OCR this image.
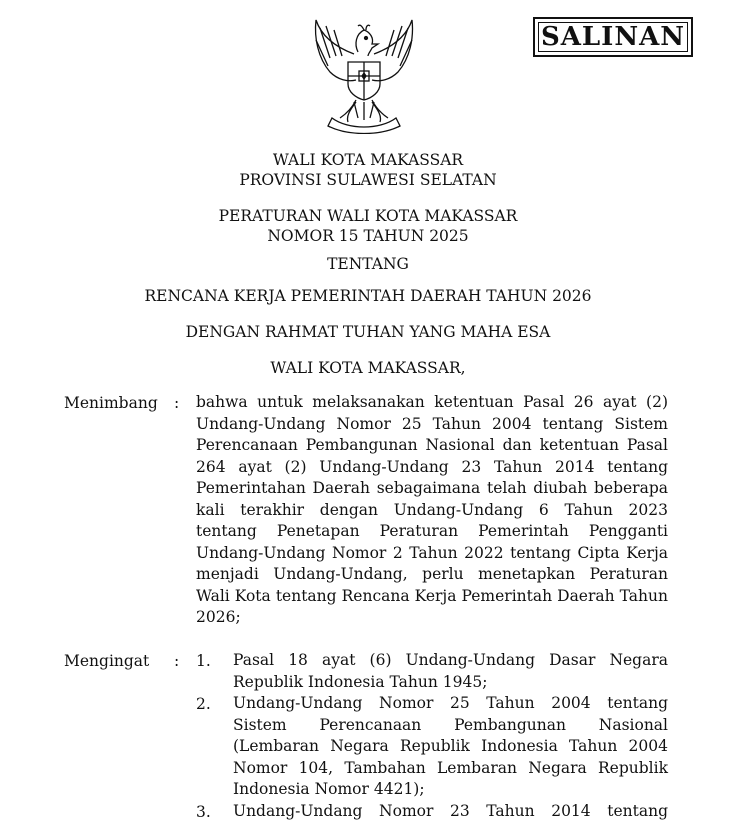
SALINAN
WALI KOTA MAKASSAR
PROVINSI SULAWESI SELATAN
PERATURAN WALI KOTA MAKASSAR
NOMOR 15 TAHUN 2025
TENTANG
RENCANA KERJA PEMERINTAH DAERAH TAHUN 2026
DENGAN RAHMAT TUHAN YANG MAHA ESA
WALI KOTA MAKASSAR,
Menimbang : bahwa untuk melaksanakan ketentuan Pasal 26 ayat (2) Undang-Undang Nomor 25 Tahun 2004 tentang Sistem Perencanaan Pembangunan Nasional dan ketentuan Pasal 264 ayat (2) Undang-Undang 23 Tahun 2014 tentang Pemerintahan Daerah sebagaimana telah diubah beberapa kali terakhir dengan Undang-Undang 6 Tahun 2023 tentang Penetapan Peraturan Pemerintah Pengganti Undang-Undang Nomor 2 Tahun 2022 tentang Cipta Kerja menjadi Undang-Undang, perlu menetapkan Peraturan Wali Kota tentang Rencana Kerja Pemerintah Daerah Tahun 2026;
Mengingat : 1. Pasal 18 ayat (6) Undang-Undang Dasar Negara Republik Indonesia Tahun 1945;
2. Undang-Undang Nomor 25 Tahun 2004 tentang Sistem Perencanaan Pembangunan Nasional (Lembaran Negara Republik Indonesia Tahun 2004 Nomor 104, Tambahan Lembaran Negara Republik Indonesia Nomor 4421);
3. Undang-Undang Nomor 23 Tahun 2014 tentang
